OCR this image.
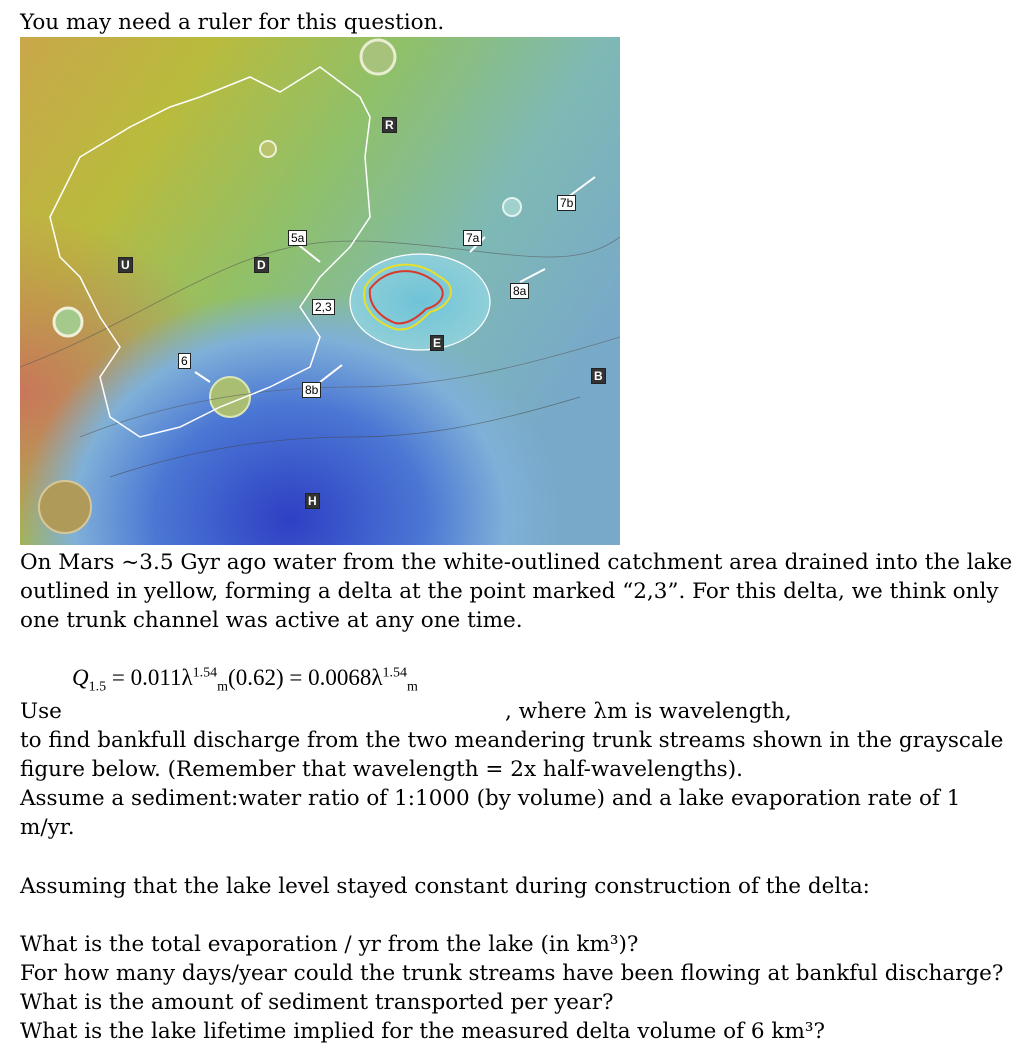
You may need a ruler for this question.
R
5a	7a
7b
U	D
8a
2,3
E
6
B
8b
H
On Mars ~3.5 Gyr ago water from the white-outlined catchment area drained into the lake
outlined in yellow, forming a delta at the point marked “2,3”. For this delta, we think only
one trunk channel was active at any one time.
$Q_{1.5} = 0.011\lambda^{1.54}_m(0.62) = 0.0068\lambda^{1.54}_m$
Use	, where λm is wavelength,
to find bankfull discharge from the two meandering trunk streams shown in the grayscale
figure below. (Remember that wavelength = 2x half-wavelengths).
Assume a sediment:water ratio of 1:1000 (by volume) and a lake evaporation rate of 1
m/yr.
Assuming that the lake level stayed constant during construction of the delta:
What is the total evaporation / yr from the lake (in km³)?
For how many days/year could the trunk streams have been flowing at bankful discharge?
What is the amount of sediment transported per year?
What is the lake lifetime implied for the measured delta volume of 6 km³?
